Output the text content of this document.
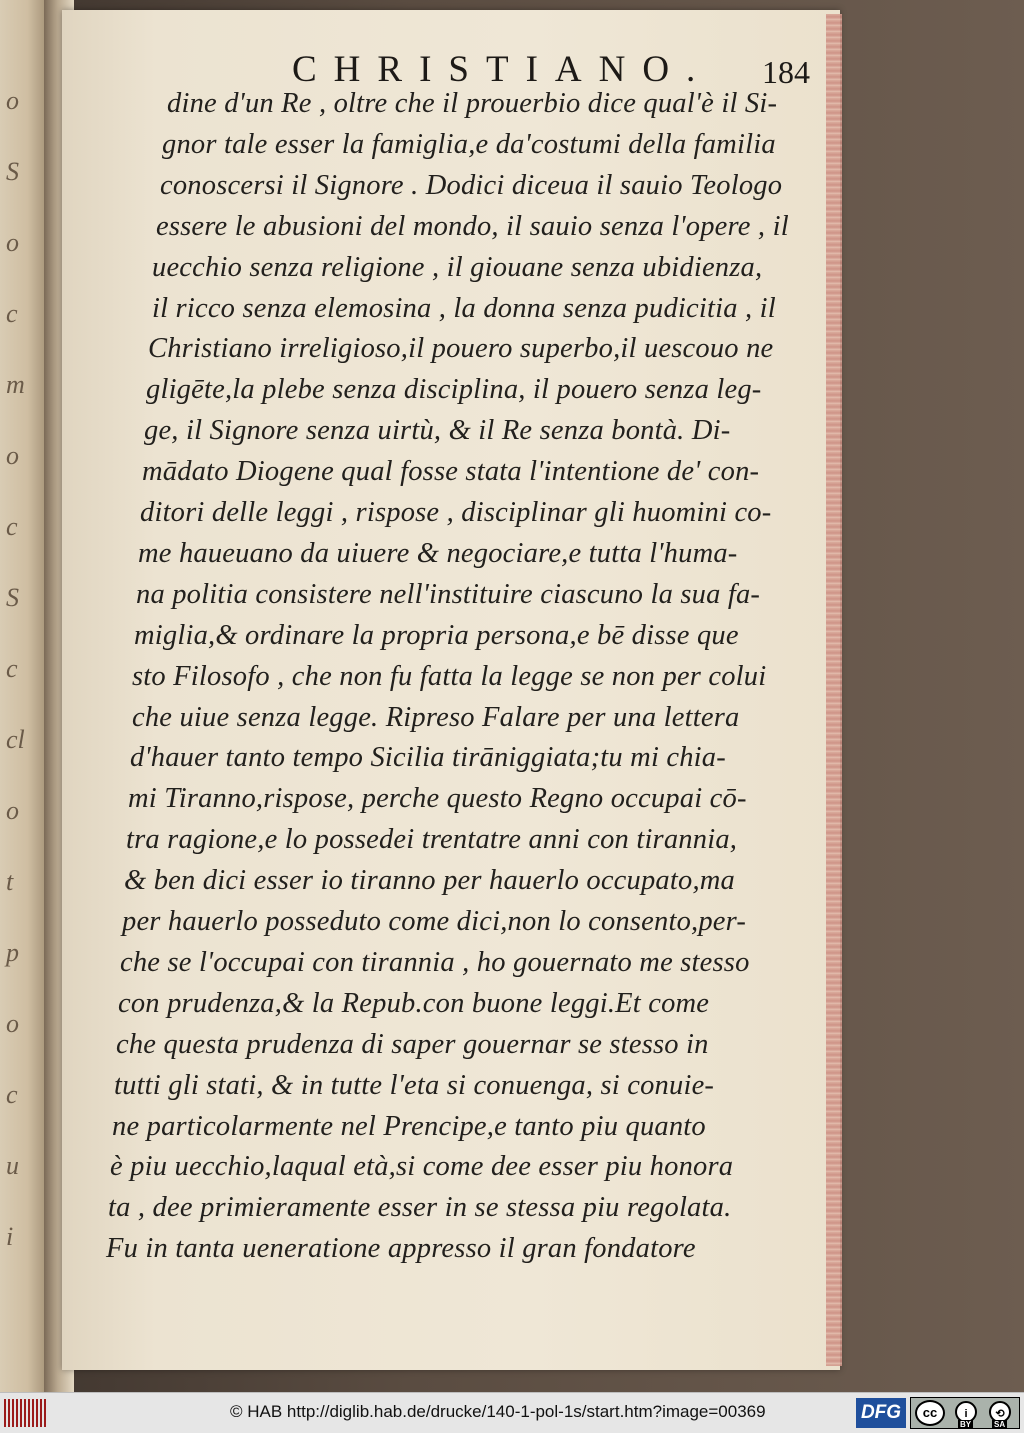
o
S
o
c
m
o
c
S
c
cl
o
t
p
o
c
u
i
CHRISTIANO. 184
dine d'un Re , oltre che il prouerbio dice qual'è il Si-
gnor tale esser la famiglia,e da'costumi della familia
conoscersi il Signore . Dodici diceua il sauio Teologo
essere le abusioni del mondo, il sauio senza l'opere , il
uecchio senza religione , il giouane senza ubidienza,
il ricco senza elemosina , la donna senza pudicitia , il
Christiano irreligioso,il pouero superbo,il uescouo ne
gligēte,la plebe senza disciplina, il pouero senza leg-
ge, il Signore senza uirtù, & il Re senza bontà. Di-
mādato Diogene qual fosse stata l'intentione de' con-
ditori delle leggi , rispose , disciplinar gli huomini co-
me haueuano da uiuere & negociare,e tutta l'huma-
na politia consistere nell'instituire ciascuno la sua fa-
miglia,& ordinare la propria persona,e bē disse que
sto Filosofo , che non fu fatta la legge se non per colui
che uiue senza legge. Ripreso Falare per una lettera
d'hauer tanto tempo Sicilia tirāniggiata;tu mi chia-
mi Tiranno,rispose, perche questo Regno occupai cō-
tra ragione,e lo possedei trentatre anni con tirannia,
& ben dici esser io tiranno per hauerlo occupato,ma
per hauerlo posseduto come dici,non lo consento,per-
che se l'occupai con tirannia , ho gouernato me stesso
con prudenza,& la Repub.con buone leggi.Et come
che questa prudenza di saper gouernar se stesso in
tutti gli stati, & in tutte l'eta si conuenga, si conuie-
ne particolarmente nel Prencipe,e tanto piu quanto
è piu uecchio,laqual età,si come dee esser piu honora
ta , dee primieramente esser in se stessa piu regolata.
Fu in tanta ueneratione appresso il gran fondatore
© HAB http://diglib.hab.de/drucke/140-1-pol-1s/start.htm?image=00369	DFG	cc	i	⟲
BY	SA
